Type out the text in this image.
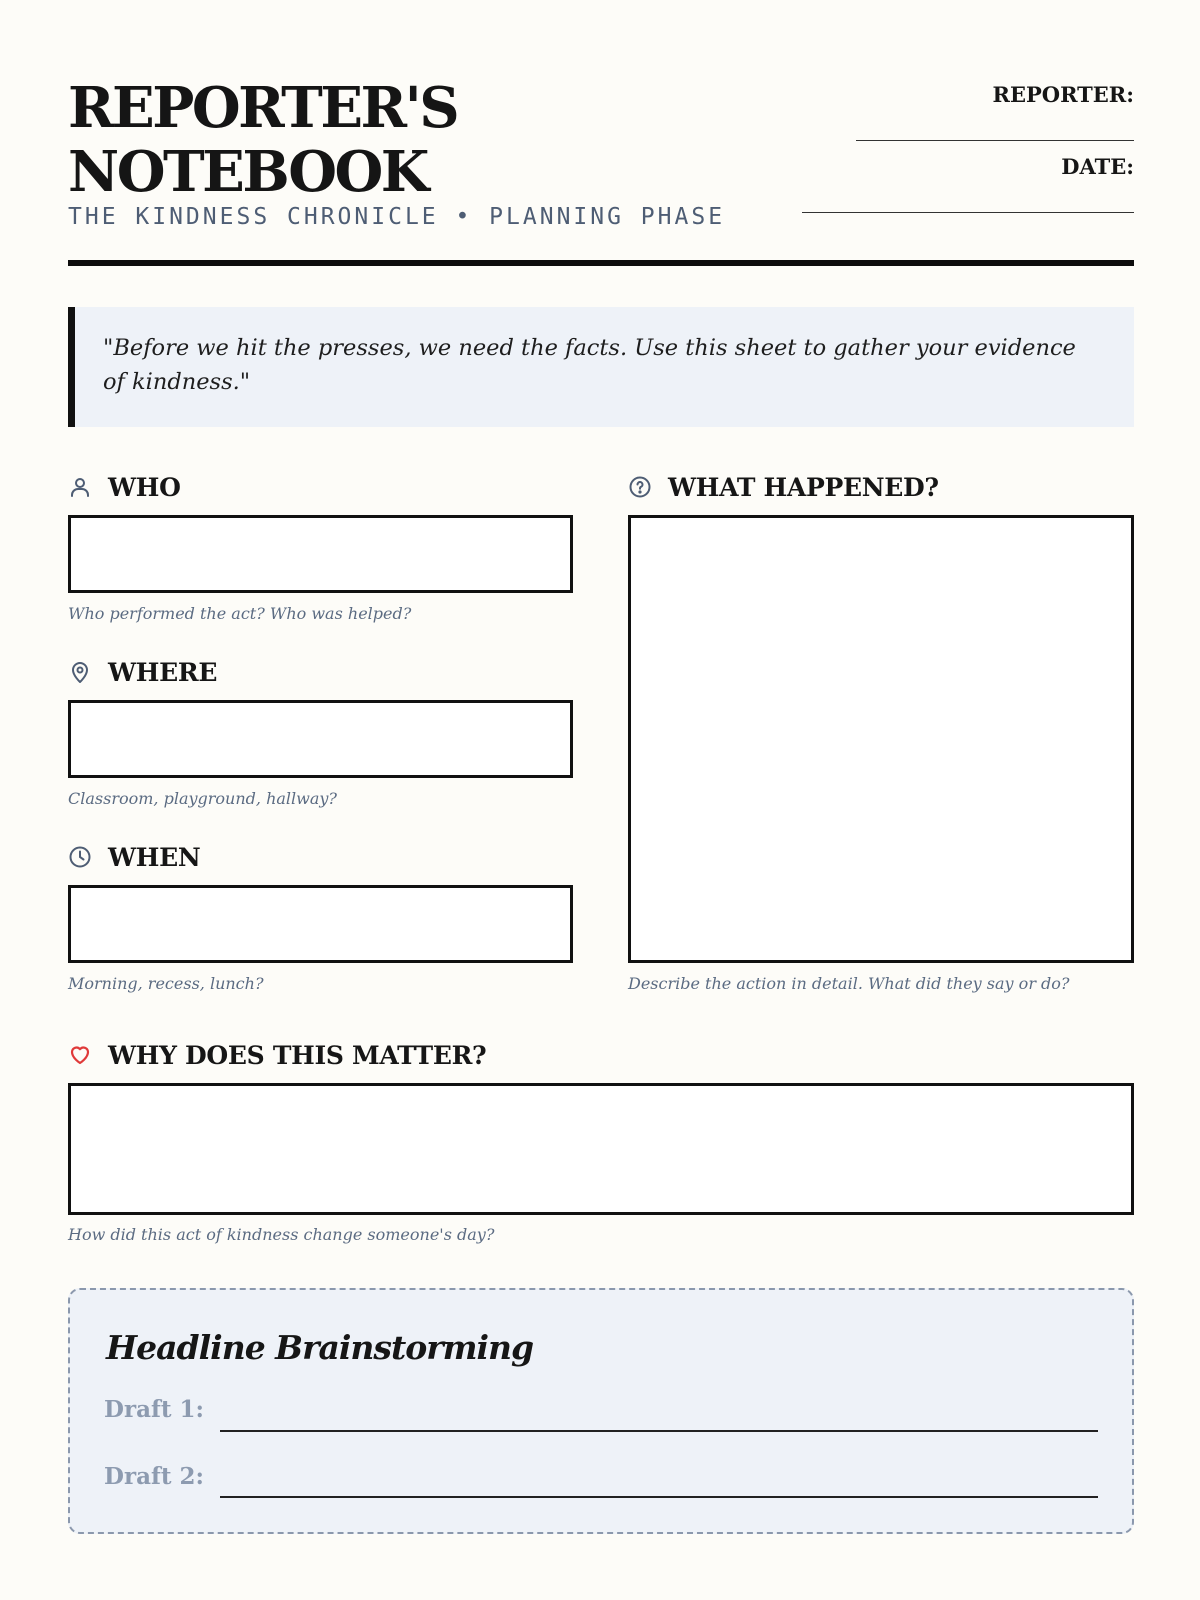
REPORTER'S
NOTEBOOK
THE KINDNESS CHRONICLE • PLANNING PHASE
REPORTER:
DATE:
"Before we hit the presses, we need the facts. Use this sheet to gather your evidence of kindness."
WHO
Who performed the act? Who was helped?
WHERE
Classroom, playground, hallway?
WHEN
Morning, recess, lunch?
WHAT HAPPENED?
Describe the action in detail. What did they say or do?
WHY DOES THIS MATTER?
How did this act of kindness change someone's day?
Headline Brainstorming
Draft 1:
Draft 2:
